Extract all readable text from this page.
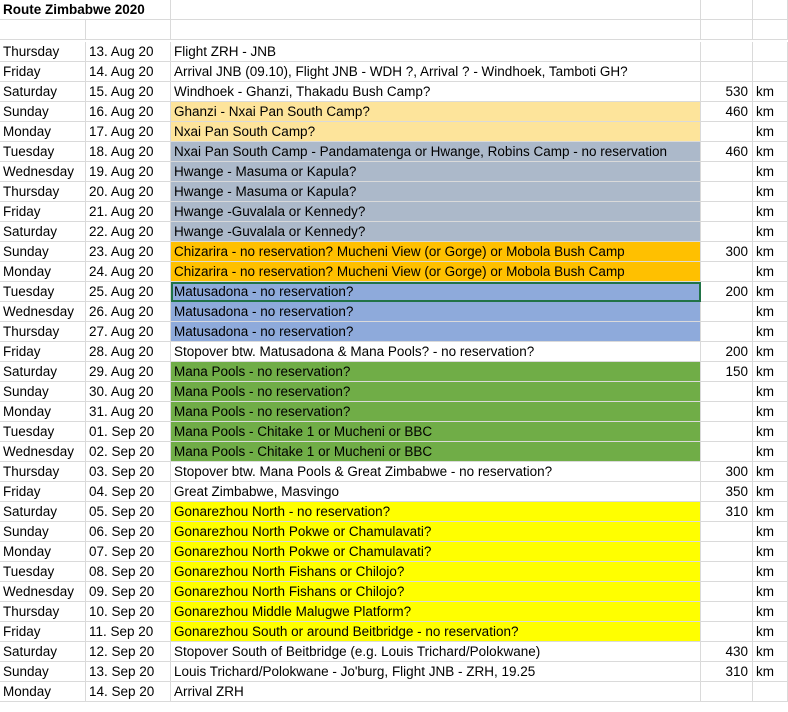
Route Zimbabwe 2020
Thursday	13. Aug 20	Flight ZRH - JNB
Friday	14. Aug 20	Arrival JNB (09.10), Flight JNB - WDH ?, Arrival ? - Windhoek, Tamboti GH?
Saturday	15. Aug 20	Windhoek - Ghanzi, Thakadu Bush Camp?	530 km
Sunday	16. Aug 20	Ghanzi - Nxai Pan South Camp?	460 km
Monday	17. Aug 20	Nxai Pan South Camp?	km
Tuesday	18. Aug 20	Nxai Pan South Camp - Pandamatenga or Hwange, Robins Camp - no reservation	460 km
Wednesday	19. Aug 20	Hwange - Masuma or Kapula?	km
Thursday	20. Aug 20	Hwange - Masuma or Kapula?	km
Friday	21. Aug 20	Hwange -Guvalala or Kennedy?	km
Saturday	22. Aug 20	Hwange -Guvalala or Kennedy?	km
Sunday	23. Aug 20	Chizarira - no reservation? Mucheni View (or Gorge) or Mobola Bush Camp	300 km
Monday	24. Aug 20	Chizarira - no reservation? Mucheni View (or Gorge) or Mobola Bush Camp	km
Tuesday	25. Aug 20	Matusadona - no reservation?	200 km
Wednesday	26. Aug 20	Matusadona - no reservation?	km
Thursday	27. Aug 20	Matusadona - no reservation?	km
Friday	28. Aug 20	Stopover btw. Matusadona & Mana Pools? - no reservation?	200 km
Saturday	29. Aug 20	Mana Pools - no reservation?	150 km
Sunday	30. Aug 20	Mana Pools - no reservation?	km
Monday	31. Aug 20	Mana Pools - no reservation?	km
Tuesday	01. Sep 20	Mana Pools - Chitake 1 or Mucheni or BBC	km
Wednesday	02. Sep 20	Mana Pools - Chitake 1 or Mucheni or BBC	km
Thursday	03. Sep 20	Stopover btw. Mana Pools & Great Zimbabwe - no reservation?	300 km
Friday	04. Sep 20	Great Zimbabwe, Masvingo	350 km
Saturday	05. Sep 20	Gonarezhou North - no reservation?	310 km
Sunday	06. Sep 20	Gonarezhou North Pokwe or Chamulavati?	km
Monday	07. Sep 20	Gonarezhou North Pokwe or Chamulavati?	km
Tuesday	08. Sep 20	Gonarezhou North Fishans or Chilojo?	km
Wednesday	09. Sep 20	Gonarezhou North Fishans or Chilojo?	km
Thursday	10. Sep 20	Gonarezhou Middle Malugwe Platform?	km
Friday	11. Sep 20	Gonarezhou South or around Beitbridge - no reservation?	km
Saturday	12. Sep 20	Stopover South of Beitbridge (e.g. Louis Trichard/Polokwane)	430 km
Sunday	13. Sep 20	Louis Trichard/Polokwane - Jo'burg, Flight JNB - ZRH, 19.25	310 km
Monday	14. Sep 20	Arrival ZRH
